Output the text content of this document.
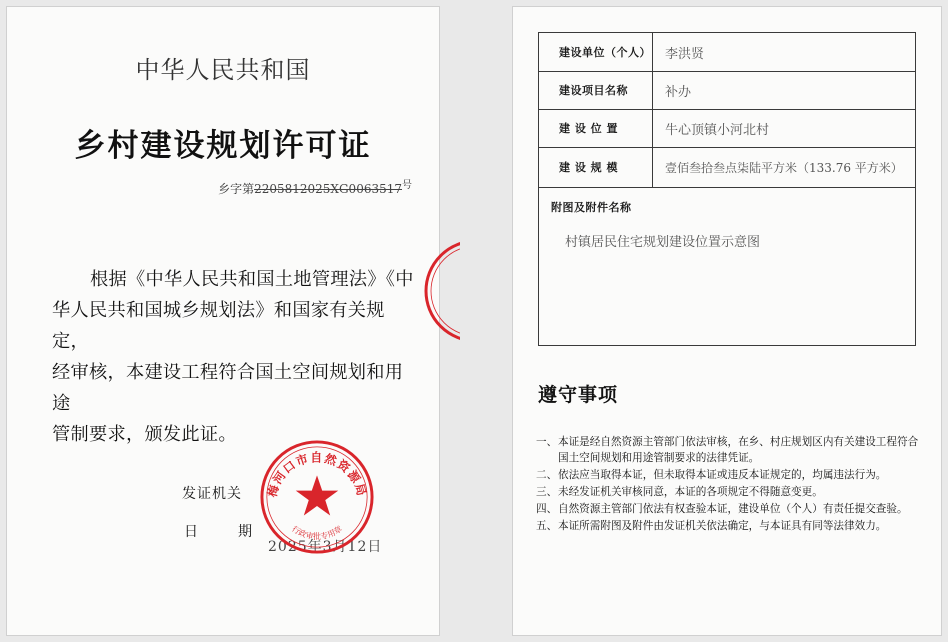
中华人民共和国
乡村建设规划许可证
乡字第$2205812025XG0063517^号$
根据《中华人民共和国土地管理法》《中
华人民共和国城乡规划法》和国家有关规定，
经审核，本建设工程符合国土空间规划和用途
管制要求，颁发此证。
发证机关
日	期
2025年3月12日
梅河口市自然资源局
行政审批专用章
建设单位（个人） 李洪贤
建设项目名称	补办
建 设 位 置	牛心顶镇小河北村
建 设 规 模	壹佰叁拾叁点柒陆平方米（133.76 平方米）
附图及附件名称
村镇居民住宅规划建设位置示意图
遵守事项
一、 本证是经自然资源主管部门依法审核，在乡、村庄规划区内有关建设工程符合国土空间规划和用途管制要求的法律凭证。
二、 依法应当取得本证，但未取得本证或违反本证规定的，均属违法行为。
三、 未经发证机关审核同意，本证的各项规定不得随意变更。
四、 自然资源主管部门依法有权查验本证，建设单位（个人）有责任提交查验。
五、 本证所需附图及附件由发证机关依法确定，与本证具有同等法律效力。
